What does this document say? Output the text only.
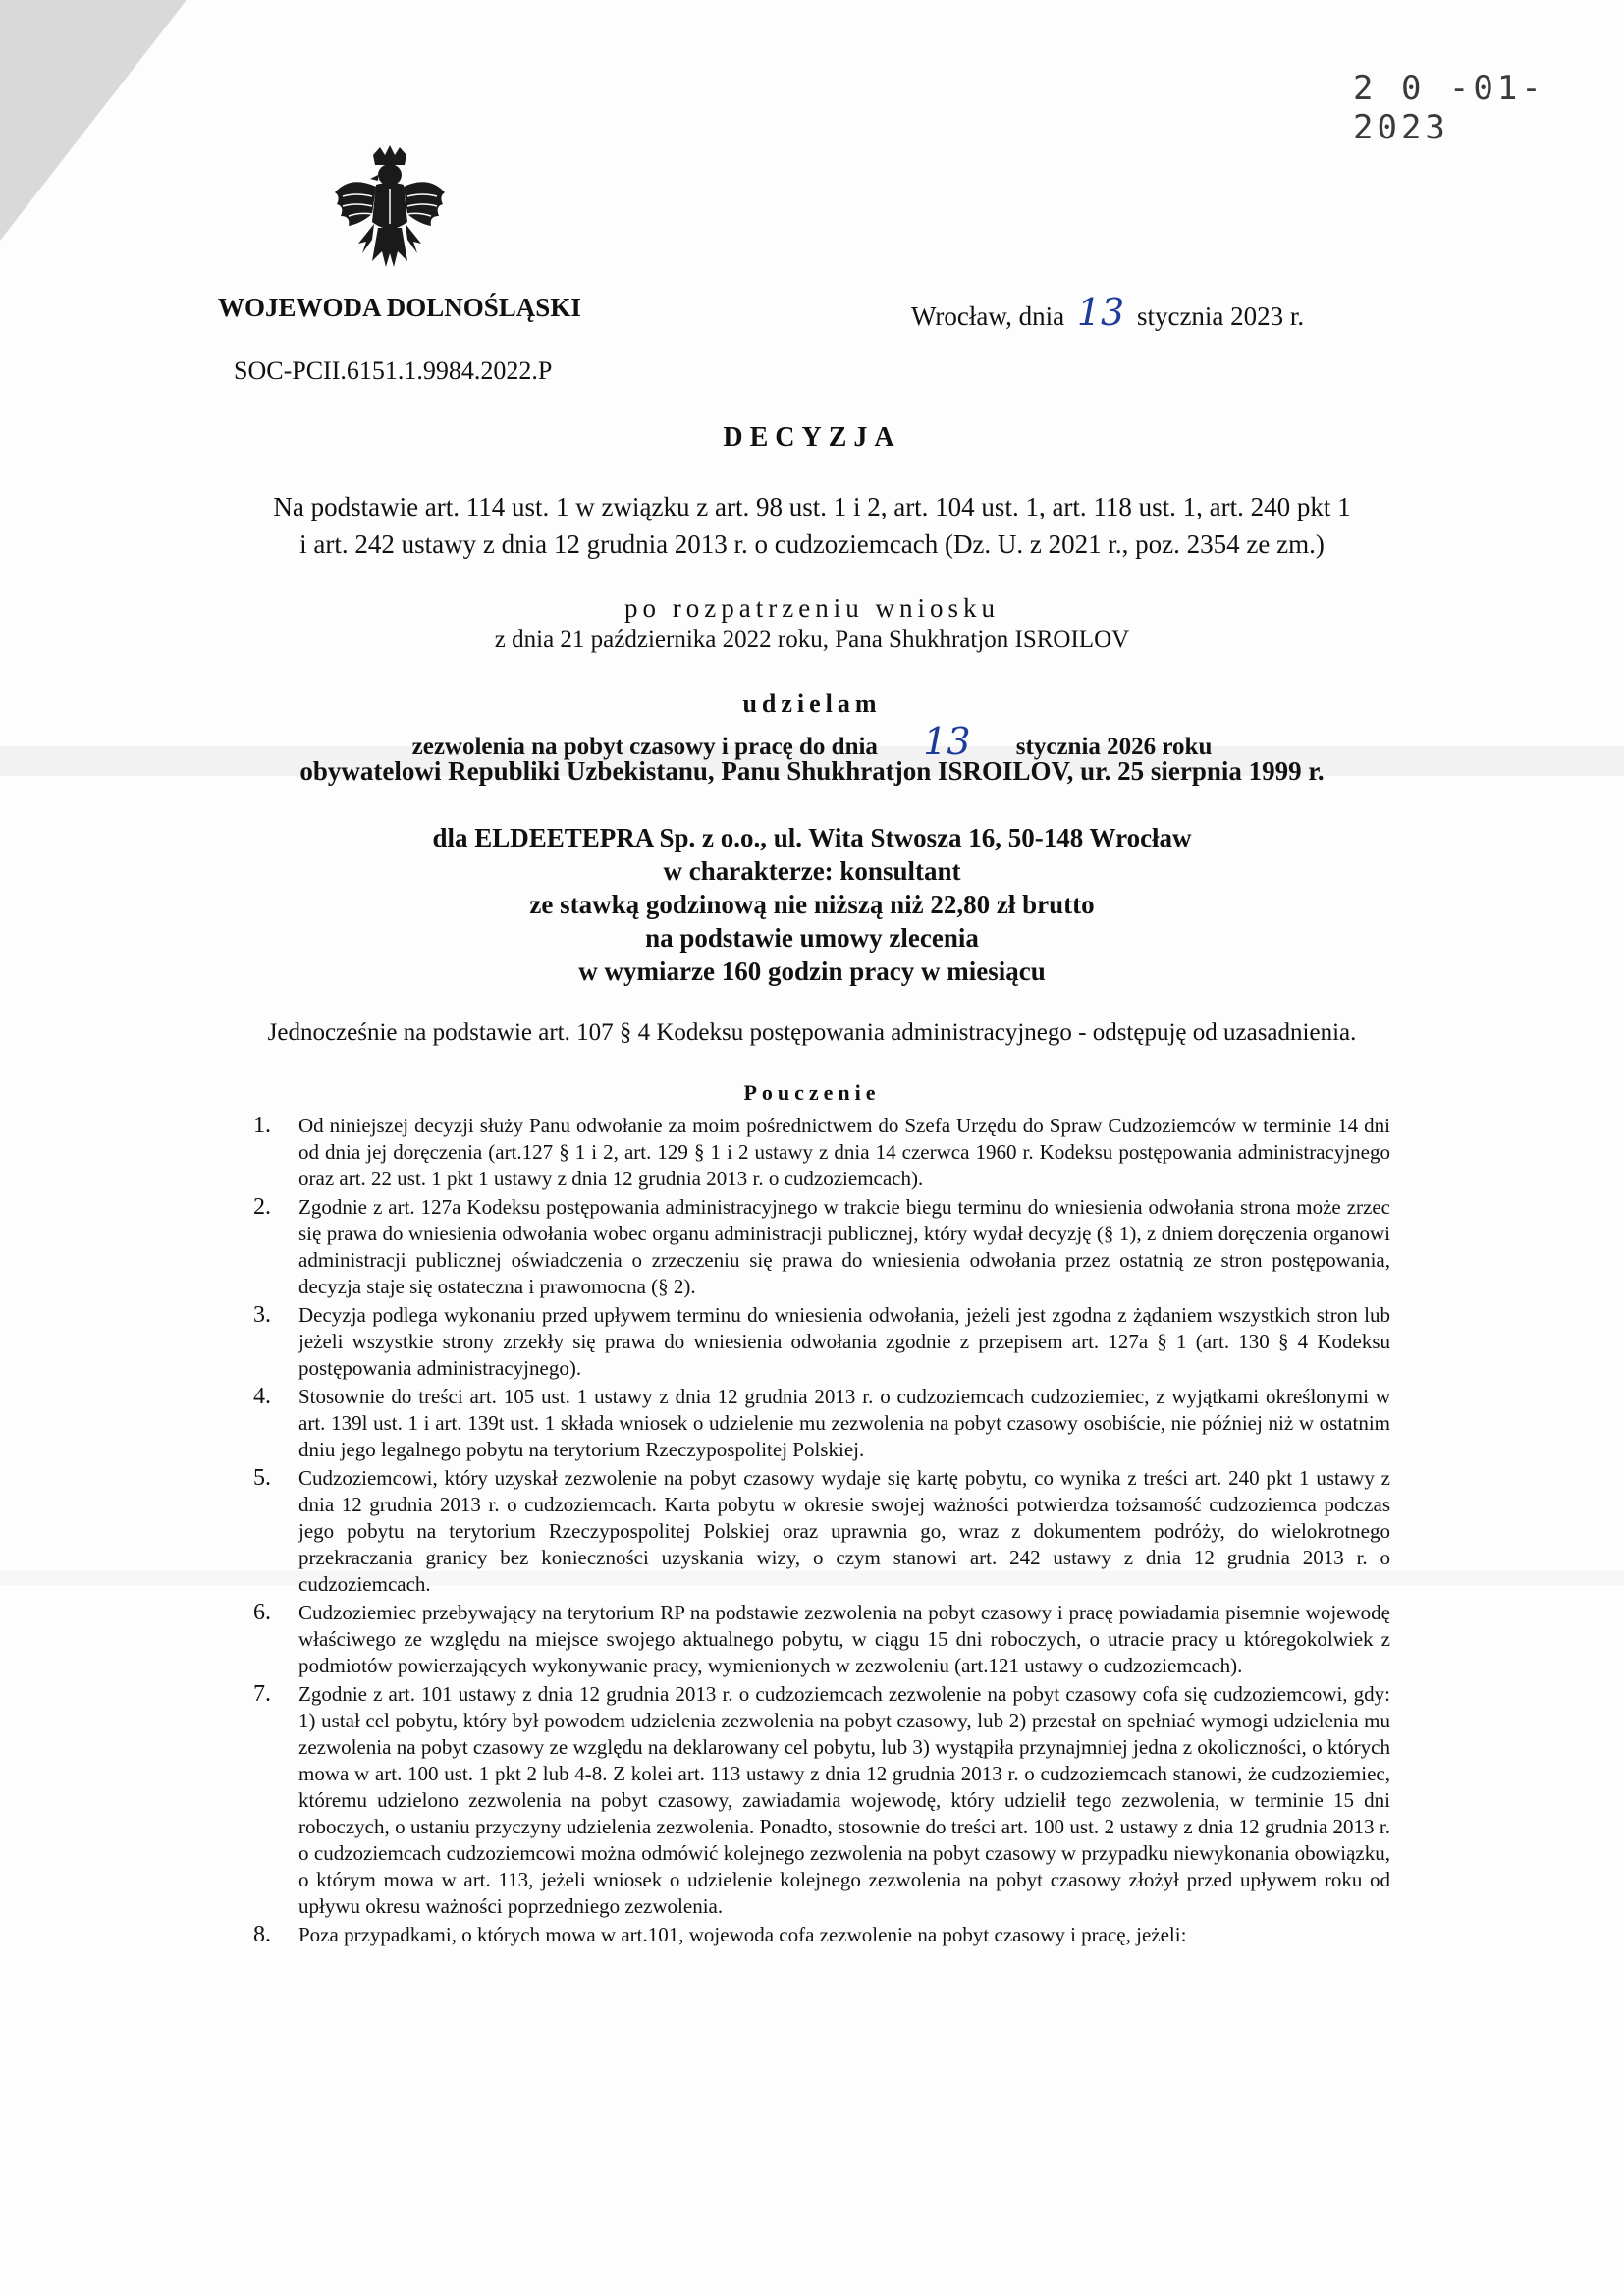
2 0 -01- 2023
WOJEWODA DOLNOŚLĄSKI	Wrocław, dnia 13 stycznia 2023 r.
SOC-PCII.6151.1.9984.2022.P
DECYZJA
Na podstawie art. 114 ust. 1 w związku z art. 98 ust. 1 i 2, art. 104 ust. 1, art. 118 ust. 1, art. 240 pkt 1
i art. 242 ustawy z dnia 12 grudnia 2013 r. o cudzoziemcach (Dz. U. z 2021 r., poz. 2354 ze zm.)
po rozpatrzeniu wniosku
z dnia 21 października 2022 roku, Pana Shukhratjon ISROILOV
udzielam
zezwolenia na pobyt czasowy i pracę do dnia 13 stycznia 2026 roku
obywatelowi Republiki Uzbekistanu, Panu Shukhratjon ISROILOV, ur. 25 sierpnia 1999 r.
dla ELDEETEPRA Sp. z o.o., ul. Wita Stwosza 16, 50-148 Wrocław
w charakterze: konsultant
ze stawką godzinową nie niższą niż 22,80 zł brutto
na podstawie umowy zlecenia
w wymiarze 160 godzin pracy w miesiącu
Jednocześnie na podstawie art. 107 § 4 Kodeksu postępowania administracyjnego - odstępuję od uzasadnienia.
Pouczenie
1. Od niniejszej decyzji służy Panu odwołanie za moim pośrednictwem do Szefa Urzędu do Spraw Cudzoziemców w terminie 14 dni od dnia jej doręczenia (art.127 § 1 i 2, art. 129 § 1 i 2 ustawy z dnia 14 czerwca 1960 r. Kodeksu postępowania administracyjnego oraz art. 22 ust. 1 pkt 1 ustawy z dnia 12 grudnia 2013 r. o cudzoziemcach).
2. Zgodnie z art. 127a Kodeksu postępowania administracyjnego w trakcie biegu terminu do wniesienia odwołania strona może zrzec się prawa do wniesienia odwołania wobec organu administracji publicznej, który wydał decyzję (§ 1), z dniem doręczenia organowi administracji publicznej oświadczenia o zrzeczeniu się prawa do wniesienia odwołania przez ostatnią ze stron postępowania, decyzja staje się ostateczna i prawomocna (§ 2).
3. Decyzja podlega wykonaniu przed upływem terminu do wniesienia odwołania, jeżeli jest zgodna z żądaniem wszystkich stron lub jeżeli wszystkie strony zrzekły się prawa do wniesienia odwołania zgodnie z przepisem art. 127a § 1 (art. 130 § 4 Kodeksu postępowania administracyjnego).
4. Stosownie do treści art. 105 ust. 1 ustawy z dnia 12 grudnia 2013 r. o cudzoziemcach cudzoziemiec, z wyjątkami określonymi w art. 139l ust. 1 i art. 139t ust. 1 składa wniosek o udzielenie mu zezwolenia na pobyt czasowy osobiście, nie później niż w ostatnim dniu jego legalnego pobytu na terytorium Rzeczypospolitej Polskiej.
5. Cudzoziemcowi, który uzyskał zezwolenie na pobyt czasowy wydaje się kartę pobytu, co wynika z treści art. 240 pkt 1 ustawy z dnia 12 grudnia 2013 r. o cudzoziemcach. Karta pobytu w okresie swojej ważności potwierdza tożsamość cudzoziemca podczas jego pobytu na terytorium Rzeczypospolitej Polskiej oraz uprawnia go, wraz z dokumentem podróży, do wielokrotnego przekraczania granicy bez konieczności uzyskania wizy, o czym stanowi art. 242 ustawy z dnia 12 grudnia 2013 r. o cudzoziemcach.
6. Cudzoziemiec przebywający na terytorium RP na podstawie zezwolenia na pobyt czasowy i pracę powiadamia pisemnie wojewodę właściwego ze względu na miejsce swojego aktualnego pobytu, w ciągu 15 dni roboczych, o utracie pracy u któregokolwiek z podmiotów powierzających wykonywanie pracy, wymienionych w zezwoleniu (art.121 ustawy o cudzoziemcach).
7. Zgodnie z art. 101 ustawy z dnia 12 grudnia 2013 r. o cudzoziemcach zezwolenie na pobyt czasowy cofa się cudzoziemcowi, gdy: 1) ustał cel pobytu, który był powodem udzielenia zezwolenia na pobyt czasowy, lub 2) przestał on spełniać wymogi udzielenia mu zezwolenia na pobyt czasowy ze względu na deklarowany cel pobytu, lub 3) wystąpiła przynajmniej jedna z okoliczności, o których mowa w art. 100 ust. 1 pkt 2 lub 4-8. Z kolei art. 113 ustawy z dnia 12 grudnia 2013 r. o cudzoziemcach stanowi, że cudzoziemiec, któremu udzielono zezwolenia na pobyt czasowy, zawiadamia wojewodę, który udzielił tego zezwolenia, w terminie 15 dni roboczych, o ustaniu przyczyny udzielenia zezwolenia. Ponadto, stosownie do treści art. 100 ust. 2 ustawy z dnia 12 grudnia 2013 r. o cudzoziemcach cudzoziemcowi można odmówić kolejnego zezwolenia na pobyt czasowy w przypadku niewykonania obowiązku, o którym mowa w art. 113, jeżeli wniosek o udzielenie kolejnego zezwolenia na pobyt czasowy złożył przed upływem roku od upływu okresu ważności poprzedniego zezwolenia.
8. Poza przypadkami, o których mowa w art.101, wojewoda cofa zezwolenie na pobyt czasowy i pracę, jeżeli:
